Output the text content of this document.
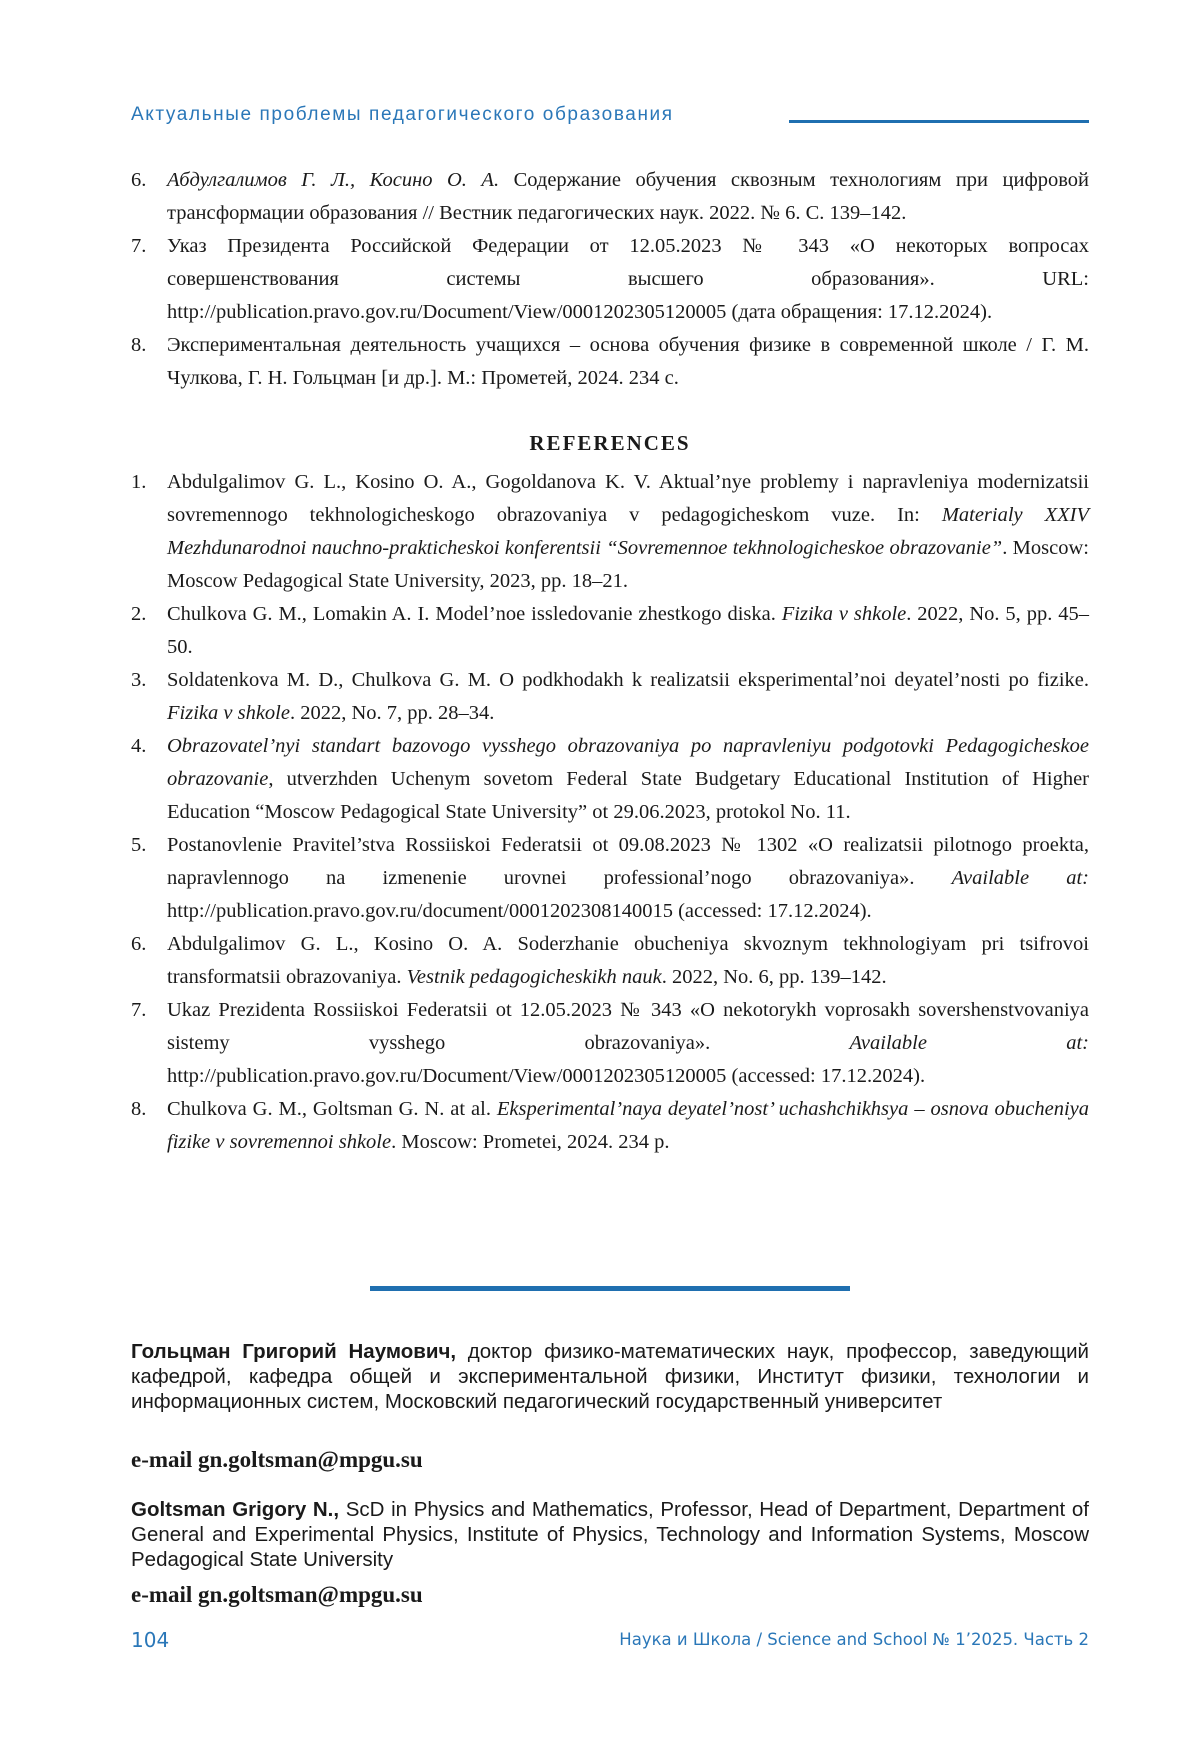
Актуальные проблемы педагогического образования
6. Абдулгалимов Г. Л., Косино О. А. Содержание обучения сквозным технологиям при цифровой трансформации образования // Вестник педагогических наук. 2022. № 6. С. 139–142.
7. Указ Президента Российской Федерации от 12.05.2023 № 343 «О некоторых вопросах совершенствования системы высшего образования». URL: http://publication.pravo.gov.ru/Document/View/0001202305120005 (дата обращения: 17.12.2024).
8. Экспериментальная деятельность учащихся – основа обучения физике в современной школе / Г. М. Чулкова, Г. Н. Гольцман [и др.]. М.: Прометей, 2024. 234 с.
REFERENCES
1. Abdulgalimov G. L., Kosino O. A., Gogoldanova K. V. Aktual’nye problemy i napravleniya modernizatsii sovremennogo tekhnologicheskogo obrazovaniya v pedagogicheskom vuze. In: Materialy XXIV Mezhdunarodnoi nauchno-prakticheskoi konferentsii “Sovremennoe tekhnologicheskoe obrazovanie”. Moscow: Moscow Pedagogical State University, 2023, pp. 18–21.
2. Chulkova G. M., Lomakin A. I. Model’noe issledovanie zhestkogo diska. Fizika v shkole. 2022, No. 5, pp. 45–50.
3. Soldatenkova M. D., Chulkova G. M. O podkhodakh k realizatsii eksperimental’noi deyatel’nosti po fizike. Fizika v shkole. 2022, No. 7, pp. 28–34.
4. Obrazovatel’nyi standart bazovogo vysshego obrazovaniya po napravleniyu podgotovki Pedagogicheskoe obrazovanie, utverzhden Uchenym sovetom Federal State Budgetary Educational Institution of Higher Education “Moscow Pedagogical State University” ot 29.06.2023, protokol No. 11.
5. Postanovlenie Pravitel’stva Rossiiskoi Federatsii ot 09.08.2023 № 1302 «O realizatsii pilotnogo proekta, napravlennogo na izmenenie urovnei professional’nogo obrazovaniya». Available at: http://publication.pravo.gov.ru/document/0001202308140015 (accessed: 17.12.2024).
6. Abdulgalimov G. L., Kosino O. A. Soderzhanie obucheniya skvoznym tekhnologiyam pri tsifrovoi transformatsii obrazovaniya. Vestnik pedagogicheskikh nauk. 2022, No. 6, pp. 139–142.
7. Ukaz Prezidenta Rossiiskoi Federatsii ot 12.05.2023 № 343 «O nekotorykh voprosakh sovershenstvovaniya sistemy vysshego obrazovaniya». Available at: http://publication.pravo.gov.ru/Document/View/0001202305120005 (accessed: 17.12.2024).
8. Chulkova G. M., Goltsman G. N. at al. Eksperimental’naya deyatel’nost’ uchashchikhsya – osnova obucheniya fizike v sovremennoi shkole. Moscow: Prometei, 2024. 234 p.
Гольцман Григорий Наумович, доктор физико-математических наук, профессор, заведующий кафедрой, кафедра общей и экспериментальной физики, Институт физики, технологии и информационных систем, Московский педагогический государственный университет
e-mail gn.goltsman@mpgu.su
Goltsman Grigory N., ScD in Physics and Mathematics, Professor, Head of Department, Department of General and Experimental Physics, Institute of Physics, Technology and Information Systems, Moscow Pedagogical State University
e-mail gn.goltsman@mpgu.su
104	Наука и Школа / Science and School № 1’2025. Часть 2
